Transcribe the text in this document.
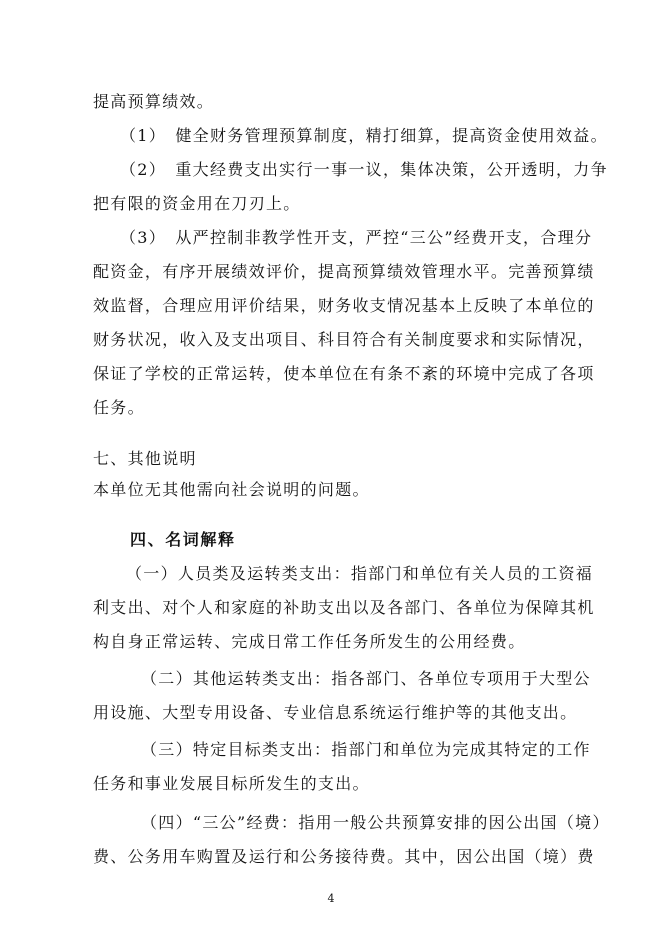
提高预算绩效。
（1）　健全财务管理预算制度，精打细算，提高资金使用效益。
（2）　重大经费支出实行一事一议，集体决策，公开透明，力争
把有限的资金用在刀刃上。
（3）　从严控制非教学性开支，严控“三公”经费开支，合理分
配资金，有序开展绩效评价，提高预算绩效管理水平。完善预算绩
效监督，合理应用评价结果，财务收支情况基本上反映了本单位的
财务状况，收入及支出项目、科目符合有关制度要求和实际情况，
保证了学校的正常运转，使本单位在有条不紊的环境中完成了各项
任务。
七、其他说明
本单位无其他需向社会说明的问题。
四、名词解释
（一）人员类及运转类支出：指部门和单位有关人员的工资福
利支出、对个人和家庭的补助支出以及各部门、各单位为保障其机
构自身正常运转、完成日常工作任务所发生的公用经费。
（二）其他运转类支出：指各部门、各单位专项用于大型公
用设施、大型专用设备、专业信息系统运行维护等的其他支出。
（三）特定目标类支出：指部门和单位为完成其特定的工作
任务和事业发展目标所发生的支出。
（四）“三公”经费：指用一般公共预算安排的因公出国（境）
费、公务用车购置及运行和公务接待费。其中，因公出国（境）费
4
